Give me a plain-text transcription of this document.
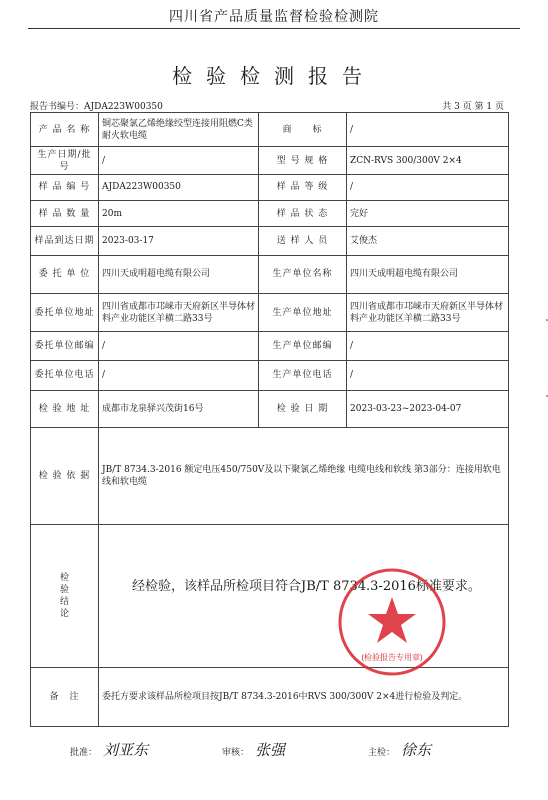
四川省产品质量监督检验检测院
检验检测报告
报告书编号：AJDA223W00350	共 3 页 第 1 页
产 品 名 称	铜芯聚氯乙烯绝缘绞型连接用阻燃C类耐火软电缆	商　　标	/
生产日期/批号	/	型 号 规 格	ZCN-RVS 300/300V 2×4
样 品 编 号	AJDA223W00350	样 品 等 级	/
样 品 数 量	20m	样 品 状 态	完好
样品到达日期	2023-03-17	送 样 人 员	艾俊杰
委 托 单 位	四川天成明超电缆有限公司	生产单位名称	四川天成明超电缆有限公司
委托单位地址	四川省成都市邛崃市天府新区半导体材料产业功能区羊横二路33号	生产单位地址	四川省成都市邛崃市天府新区半导体材料产业功能区羊横二路33号
委托单位邮编	/	生产单位邮编	/
委托单位电话	/	生产单位电话	/
检 验 地 址	成都市龙泉驿兴茂街16号	检 验 日 期	2023-03-23~2023-04-07
检 验 依 据	JB/T 8734.3-2016 额定电压450/750V及以下聚氯乙烯绝缘 电缆电线和软线 第3部分：连接用软电线和软电缆		
检
验
结
论	经检验，该样品所检项目符合JB/T 8734.3-2016标准要求。		
备　注	委托方要求该样品所检项目按JB/T 8734.3-2016中RVS 300/300V 2×4进行检验及判定。		
(检验报告专用章)
批准： 刘亚东	审核： 张强	主检： 徐东
